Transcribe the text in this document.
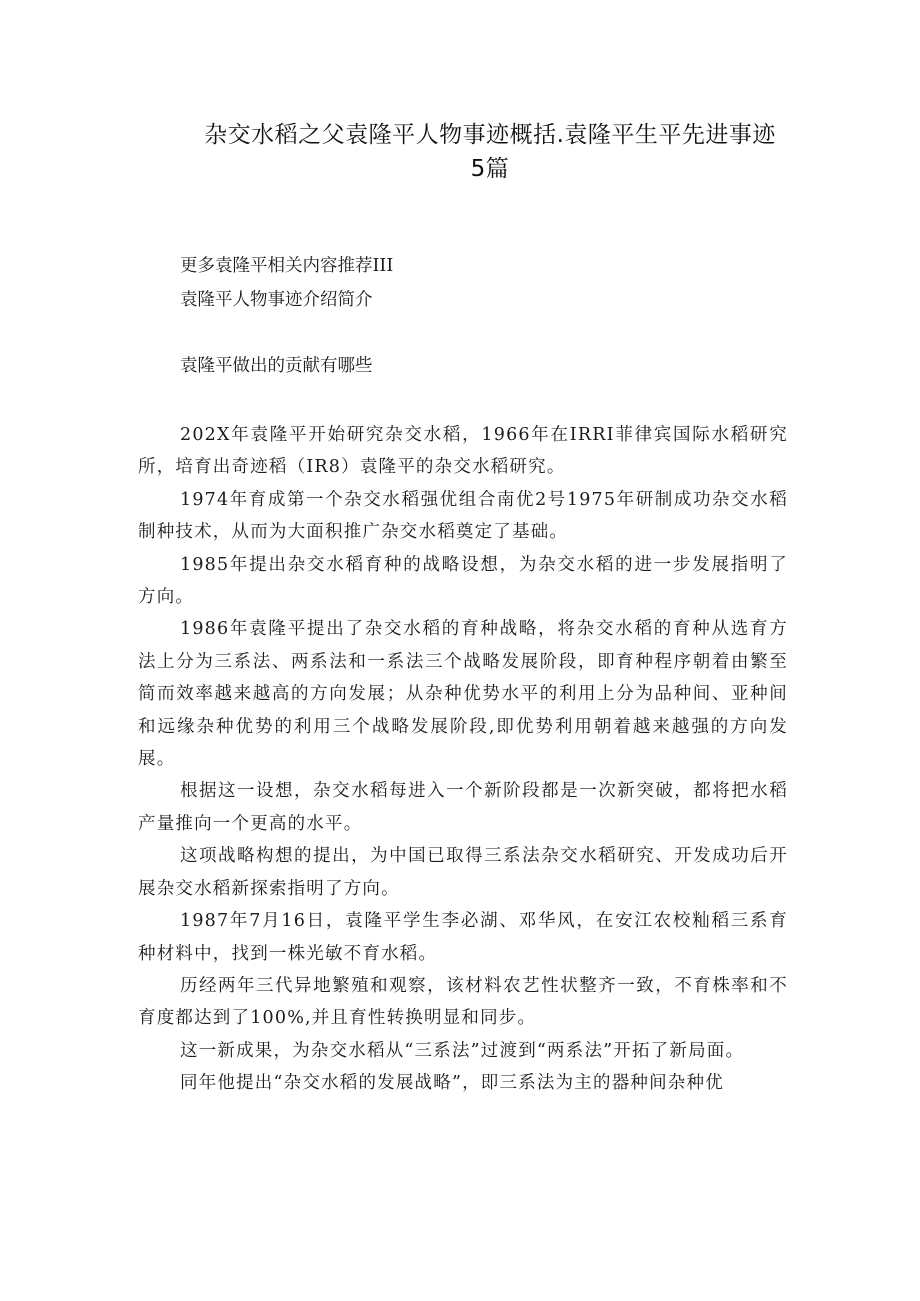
杂交水稻之父袁隆平人物事迹概括.袁隆平生平先进事迹
5篇

更多袁隆平相关内容推荐III

袁隆平人物事迹介绍简介

袁隆平做出的贡献有哪些

202X年袁隆平开始研究杂交水稻，1966年在IRRI菲律宾国际水稻研究所，培育出奇迹稻（IR8）袁隆平的杂交水稻研究。

1974年育成第一个杂交水稻强优组合南优2号1975年研制成功杂交水稻制种技术，从而为大面积推广杂交水稻奠定了基础。

1985年提出杂交水稻育种的战略设想，为杂交水稻的进一步发展指明了方向。

1986年袁隆平提出了杂交水稻的育种战略，将杂交水稻的育种从选育方法上分为三系法、两系法和一系法三个战略发展阶段，即育种程序朝着由繁至简而效率越来越高的方向发展；从杂种优势水平的利用上分为品种间、亚种间和远缘杂种优势的利用三个战略发展阶段,即优势利用朝着越来越强的方向发展。

根据这一设想，杂交水稻每进入一个新阶段都是一次新突破，都将把水稻产量推向一个更高的水平。

这项战略构想的提出，为中国已取得三系法杂交水稻研究、开发成功后开展杂交水稻新探索指明了方向。

1987年7月16日，袁隆平学生李必湖、邓华风，在安江农校籼稻三系育种材料中，找到一株光敏不育水稻。

历经两年三代异地繁殖和观察，该材料农艺性状整齐一致，不育株率和不育度都达到了100%,并且育性转换明显和同步。

这一新成果，为杂交水稻从“三系法”过渡到“两系法”开拓了新局面。

同年他提出“杂交水稻的发展战略”，即三系法为主的器种间杂种优
